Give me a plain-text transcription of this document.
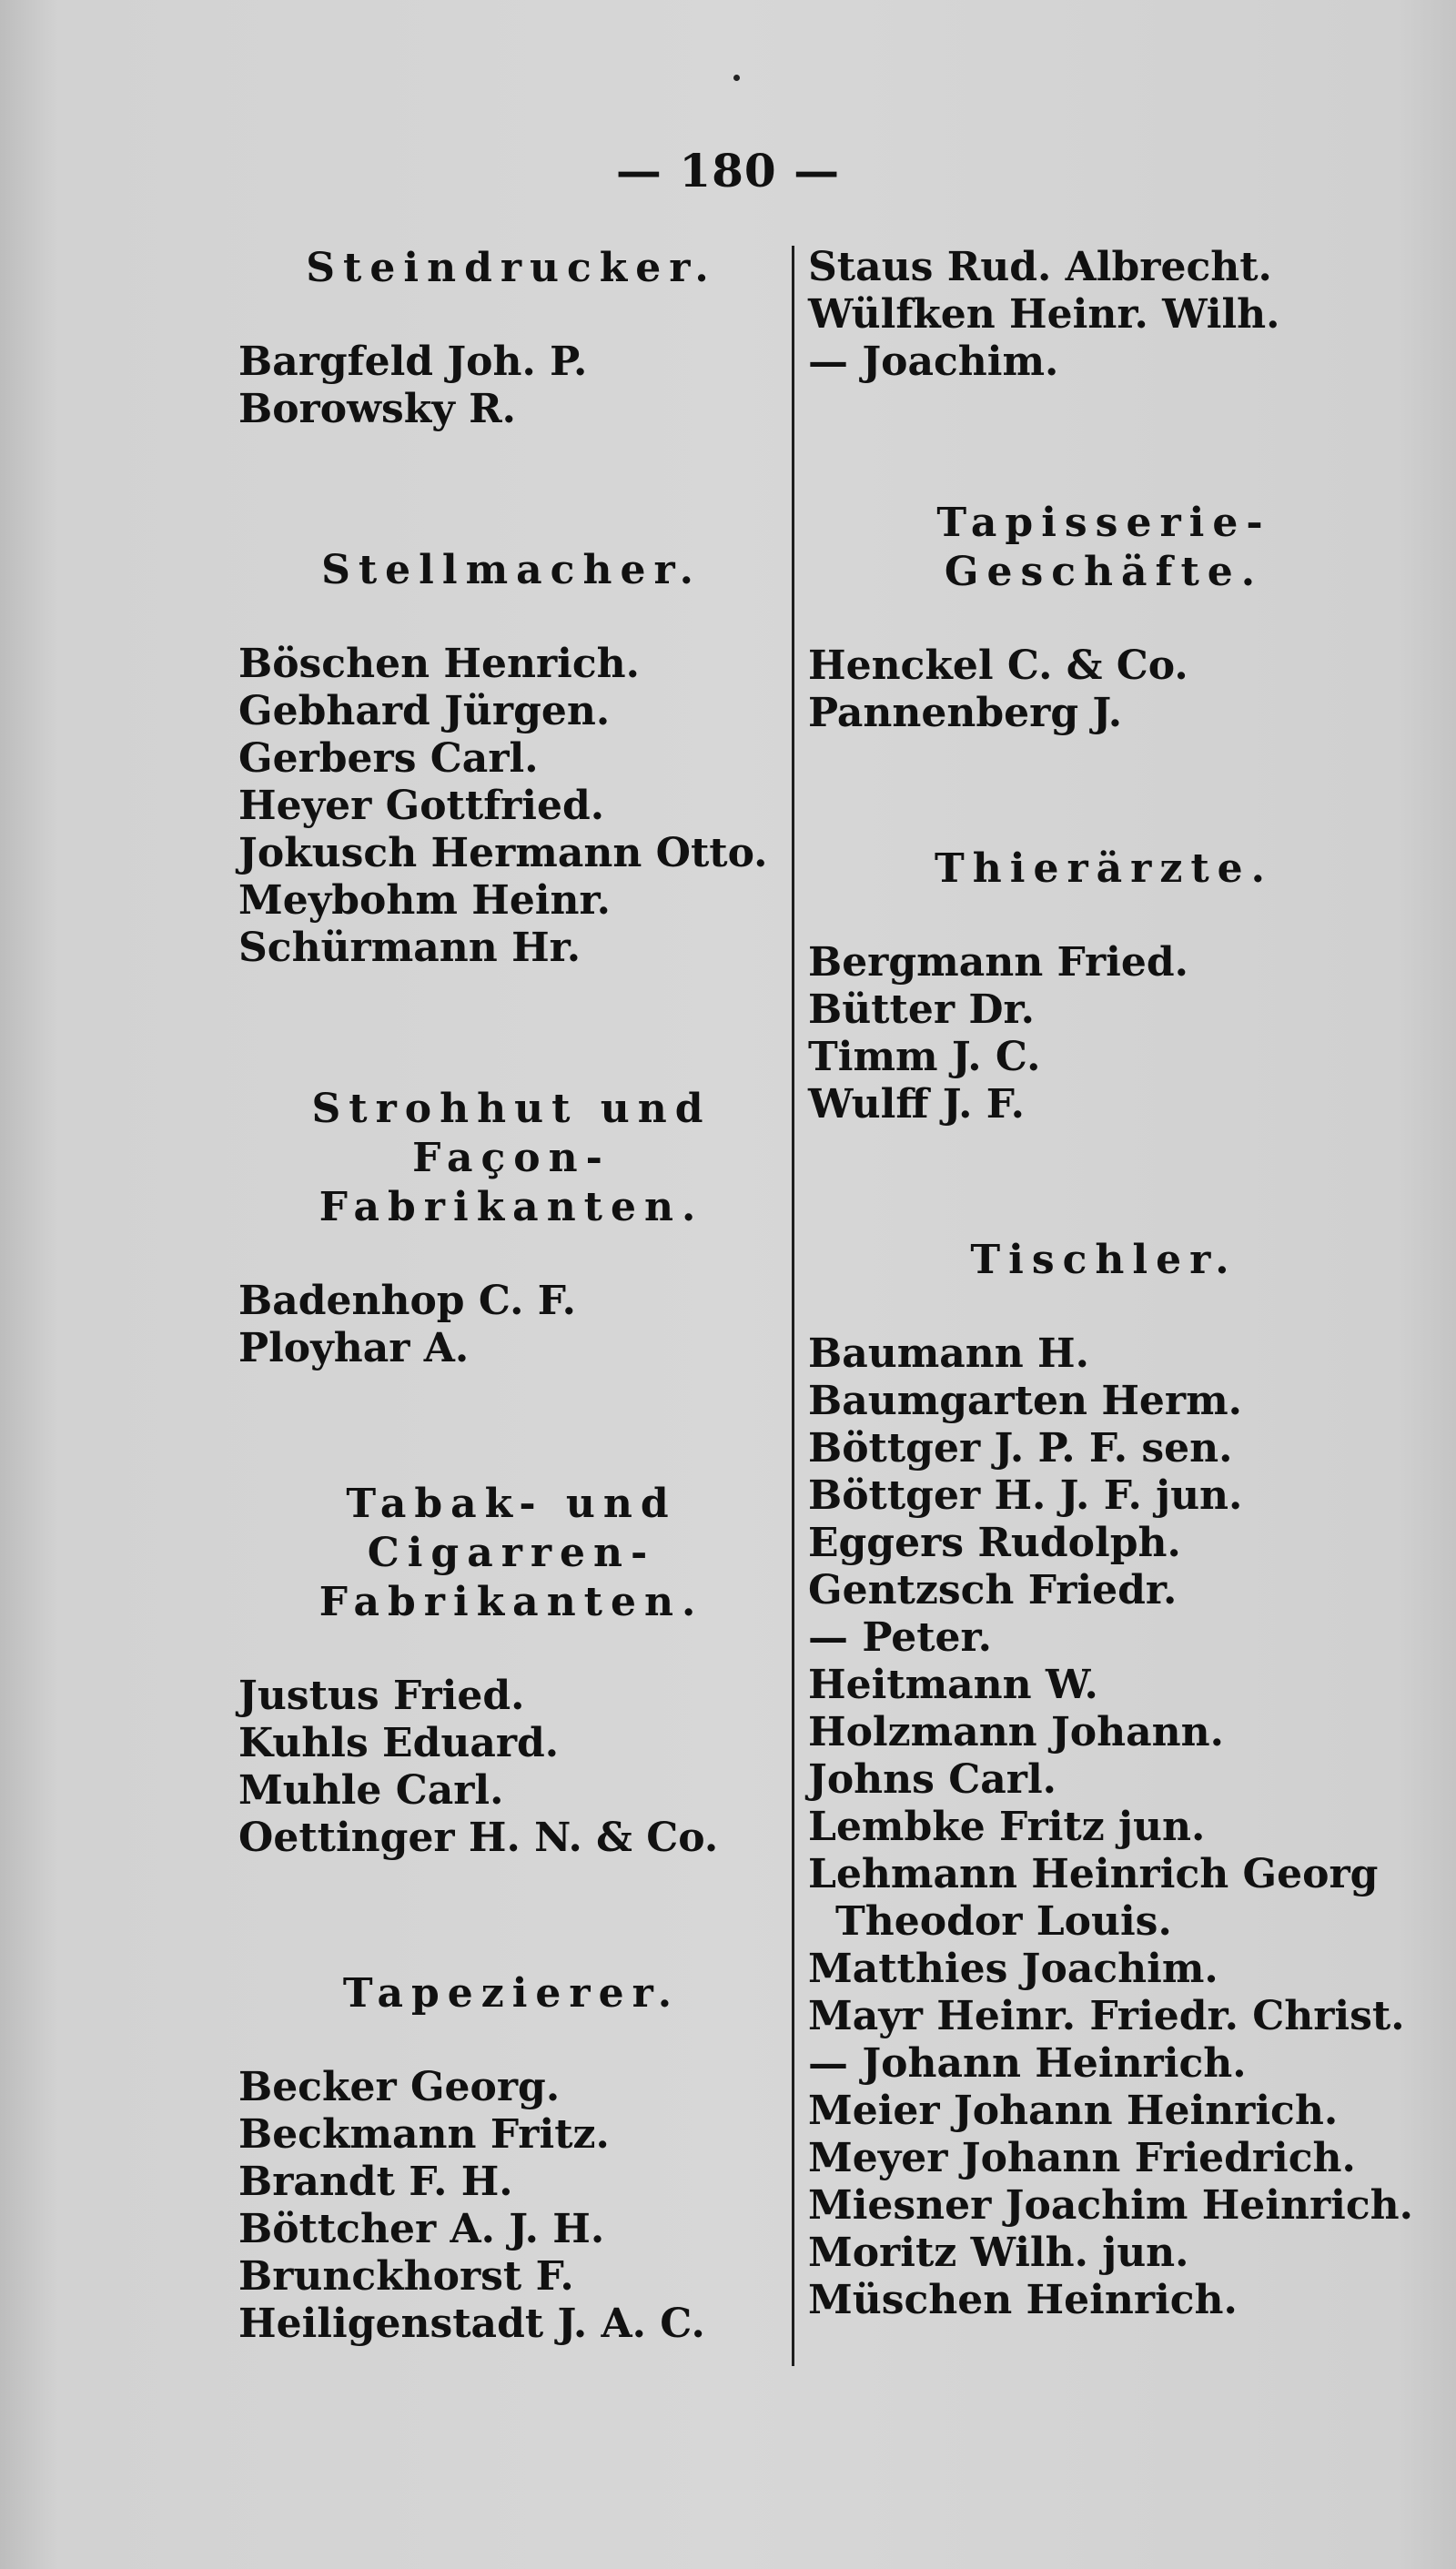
— 180 —
Steindrucker.
Bargfeld Joh. P.
Borowsky R.
Stellmacher.
Böschen Henrich.
Gebhard Jürgen.
Gerbers Carl.
Heyer Gottfried.
Jokusch Hermann Otto.
Meybohm Heinr.
Schürmann Hr.
Strohhut und Façon-
Fabrikanten.
Badenhop C. F.
Ployhar A.
Tabak- und Cigarren-
Fabrikanten.
Justus Fried.
Kuhls Eduard.
Muhle Carl.
Oettinger H. N. & Co.
Tapezierer.
Becker Georg.
Beckmann Fritz.
Brandt F. H.
Böttcher A. J. H.
Brunckhorst F.
Heiligenstadt J. A. C.
Staus Rud. Albrecht.
Wülfken Heinr. Wilh.
— Joachim.
Tapisserie-Geschäfte.
Henckel C. & Co.
Pannenberg J.
Thierärzte.
Bergmann Fried.
Bütter Dr.
Timm J. C.
Wulff J. F.
Tischler.
Baumann H.
Baumgarten Herm.
Böttger J. P. F. sen.
Böttger H. J. F. jun.
Eggers Rudolph.
Gentzsch Friedr.
— Peter.
Heitmann W.
Holzmann Johann.
Johns Carl.
Lembke Fritz jun.
Lehmann Heinrich Georg
Theodor Louis.
Matthies Joachim.
Mayr Heinr. Friedr. Christ.
— Johann Heinrich.
Meier Johann Heinrich.
Meyer Johann Friedrich.
Miesner Joachim Heinrich.
Moritz Wilh. jun.
Müschen Heinrich.
